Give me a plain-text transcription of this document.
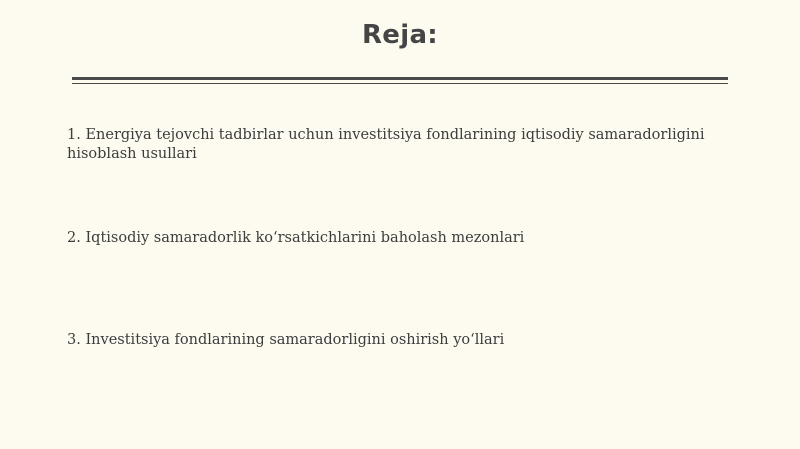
Reja:
1. Energiya tejovchi tadbirlar uchun investitsiya fondlarining iqtisodiy samaradorligini hisoblash usullari
2. Iqtisodiy samaradorlik koʻrsatkichlarini baholash mezonlari
3. Investitsiya fondlarining samaradorligini oshirish yoʻllari
